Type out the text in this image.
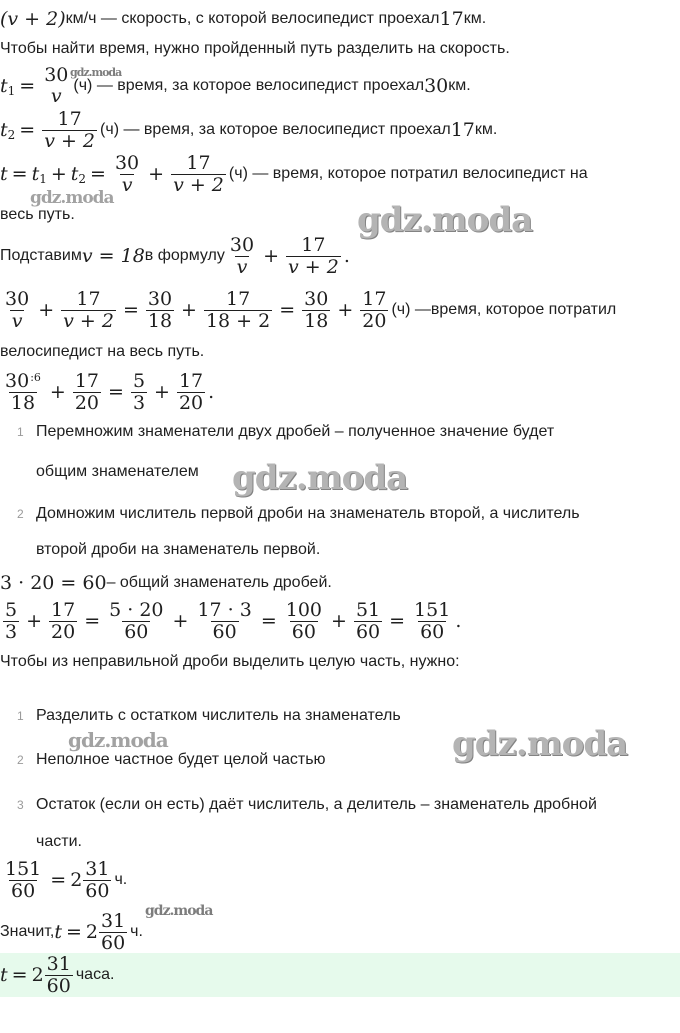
(v + 2) км/ч — скорость, с которой велосипедист проехал 17 км.
Чтобы найти время, нужно пройденный путь разделить на скорость.
t 1 = 30
v (ч) — время, за которое велосипедист проехал 30 км.
t $2 = \frac{17}{v + 2} (ч)$ — время, за которое велосипедист проехал 17 км.
t = t 1 + t $2 = \frac{30}{v} + \frac{17}{v + 2} (ч)$ — время, которое потратил велосипедист на
весь путь.
Подставим v = 18 в формулу $\frac{30}{v} + \frac{17}{v + 2}$ .
$\frac{30}{v} + \frac{17}{v + 2} = \frac{30}{18} + \frac{17}{18 + 2} = \frac{30}{18} + \frac{17}{20} (ч)$ —время, которое потратил
велосипедист на весь путь.
$\frac{30^{:6}}{18} + \frac{17}{20} = \frac{5}{3} + \frac{17}{20}$ .
1 Перемножим знаменатели двух дробей – полученное значение будет
общим знаменателем
2 Домножим числитель первой дроби на знаменатель второй, а числитель
второй дроби на знаменатель первой.
3 · 20 = 60 – общий знаменатель дробей.
$\frac{5}{3} + \frac{17}{20} = \frac{5 \cdot 20}{60} + \frac{17 \cdot 3}{60} = \frac{100}{60} + \frac{51}{60} = \frac{151}{60}$ .
Чтобы из неправильной дроби выделить целую часть, нужно:
1 Разделить с остатком числитель на знаменатель
2 Неполное частное будет целой частью
3 Остаток (если он есть) даёт числитель, а делитель – знаменатель дробной
части.
$\frac{151}{60} = 2 \frac{31}{60} ч$.
Значит, $t = 2 \frac{31}{60} ч$.
$t = 2 \frac{31}{60}$ часа.
gdz.moda
gdz.moda
gdz.moda
gdz.moda
gdz.moda	gdz.moda
gdz.moda
